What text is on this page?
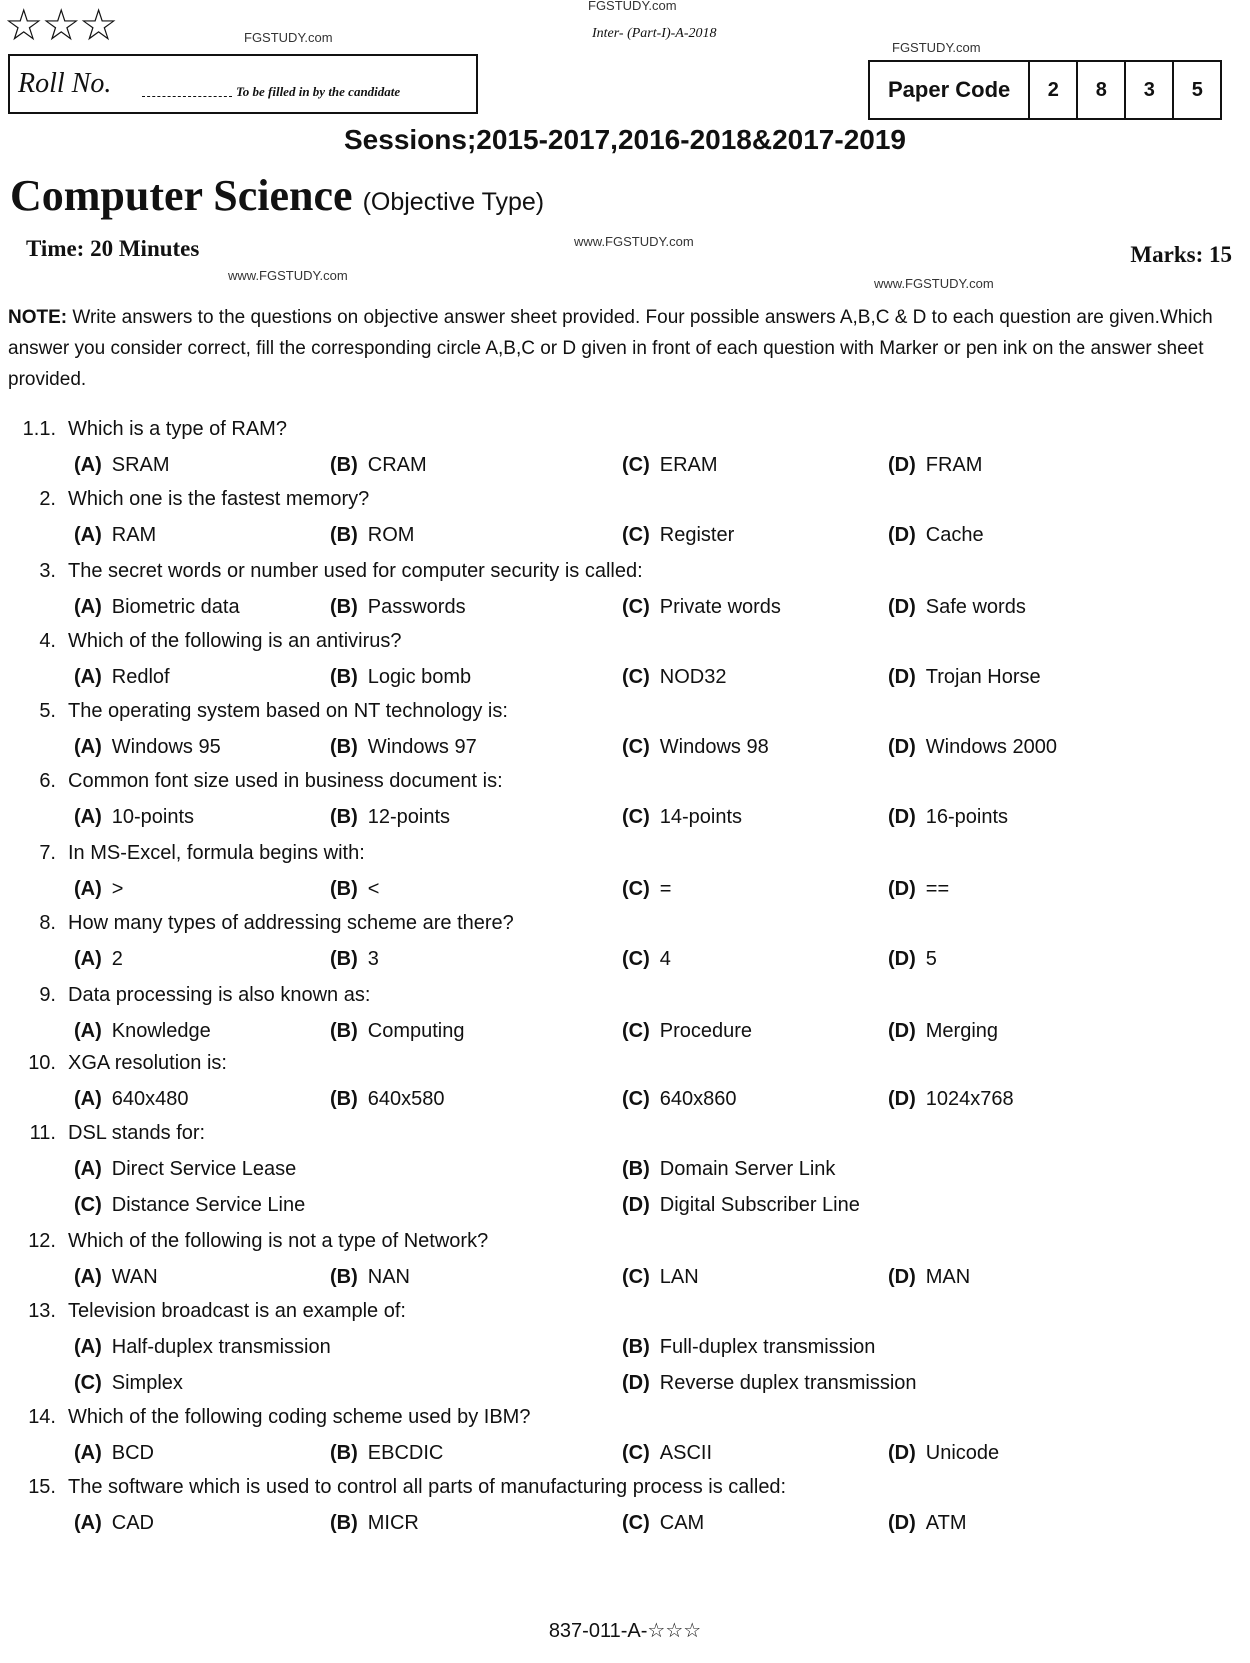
☆☆☆	FGSTUDY.com
FGSTUDY.com	Inter- (Part-I)-A-2018
FGSTUDY.com
Roll No.	To be filled in by the candidate	Paper Code	2	8	3	5
Sessions;2015-2017,2016-2018&2017-2019
Computer Science (Objective Type)
Time: 20 Minutes	www.FGSTUDY.com
Marks: 15
www.FGSTUDY.com
www.FGSTUDY.com
NOTE: Write answers to the questions on objective answer sheet provided. Four possible answers A,B,C & D to each question are given.Which answer you consider correct, fill the corresponding circle A,B,C or D given in front of each question with Marker or pen ink on the answer sheet provided.
1.1. Which is a type of RAM?
(A) SRAM	(B) CRAM	(C) ERAM	(D) FRAM
2. Which one is the fastest memory?
(A) RAM	(B) ROM	(C) Register	(D) Cache
3. The secret words or number used for computer security is called:
(A) Biometric data	(B) Passwords	(C) Private words	(D) Safe words
4. Which of the following is an antivirus?
(A) Redlof	(B) Logic bomb	(C) NOD32	(D) Trojan Horse
5. The operating system based on NT technology is:
(A) Windows 95	(B) Windows 97	(C) Windows 98	(D) Windows 2000
6. Common font size used in business document is:
(A) 10-points	(B) 12-points	(C) 14-points	(D) 16-points
7. In MS-Excel, formula begins with:
(A) >	(B) <	(C) =	(D) ==
8. How many types of addressing scheme are there?
(A) 2	(B) 3	(C) 4	(D) 5
9. Data processing is also known as:
(A) Knowledge	(B) Computing	(C) Procedure	(D) Merging
10. XGA resolution is:
(A) 640x480	(B) 640x580	(C) 640x860	(D) 1024x768
11. DSL stands for:
(A) Direct Service Lease	(B) Domain Server Link
(C) Distance Service Line	(D) Digital Subscriber Line
12. Which of the following is not a type of Network?
(A) WAN	(B) NAN	(C) LAN	(D) MAN
13. Television broadcast is an example of:
(A) Half-duplex transmission	(B) Full-duplex transmission
(C) Simplex	(D) Reverse duplex transmission
14. Which of the following coding scheme used by IBM?
(A) BCD	(B) EBCDIC	(C) ASCII	(D) Unicode
15. The software which is used to control all parts of manufacturing process is called:
(A) CAD	(B) MICR	(C) CAM	(D) ATM
837-011-A-☆☆☆
